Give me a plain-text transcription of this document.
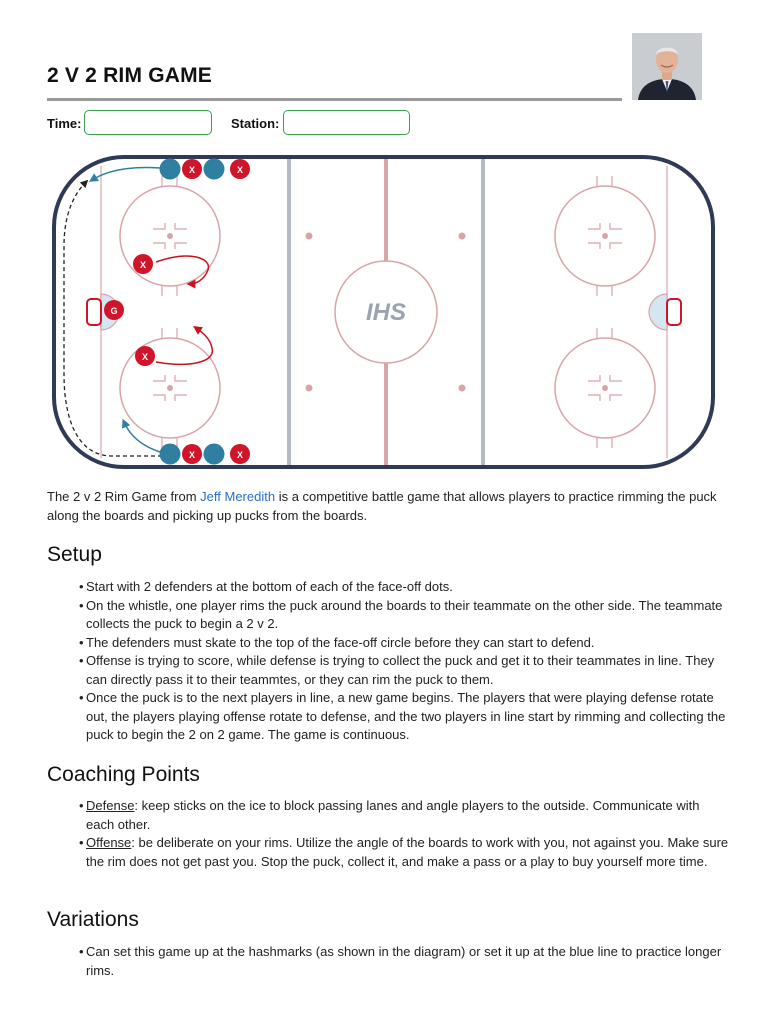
2 V 2 RIM GAME
Time:	Station:
IHS
X	X
X	X
X
X
G
The 2 v 2 Rim Game from Jeff Meredith is a competitive battle game that allows players to practice rimming the puck along the boards and picking up pucks from the boards.
Setup
• Start with 2 defenders at the bottom of each of the face-off dots.
• On the whistle, one player rims the puck around the boards to their teammate on the other side. The teammate collects the puck to begin a 2 v 2.
• The defenders must skate to the top of the face-off circle before they can start to defend.
• Offense is trying to score, while defense is trying to collect the puck and get it to their teammates in line. They can directly pass it to their teammtes, or they can rim the puck to them.
• Once the puck is to the next players in line, a new game begins. The players that were playing defense rotate out, the players playing offense rotate to defense, and the two players in line start by rimming and collecting the puck to begin the 2 on 2 game. The game is continuous.
Coaching Points
• Defense: keep sticks on the ice to block passing lanes and angle players to the outside. Communicate with each other.
• Offense: be deliberate on your rims. Utilize the angle of the boards to work with you, not against you. Make sure the rim does not get past you. Stop the puck, collect it, and make a pass or a play to buy yourself more time.
Variations
• Can set this game up at the hashmarks (as shown in the diagram) or set it up at the blue line to practice longer rims.
